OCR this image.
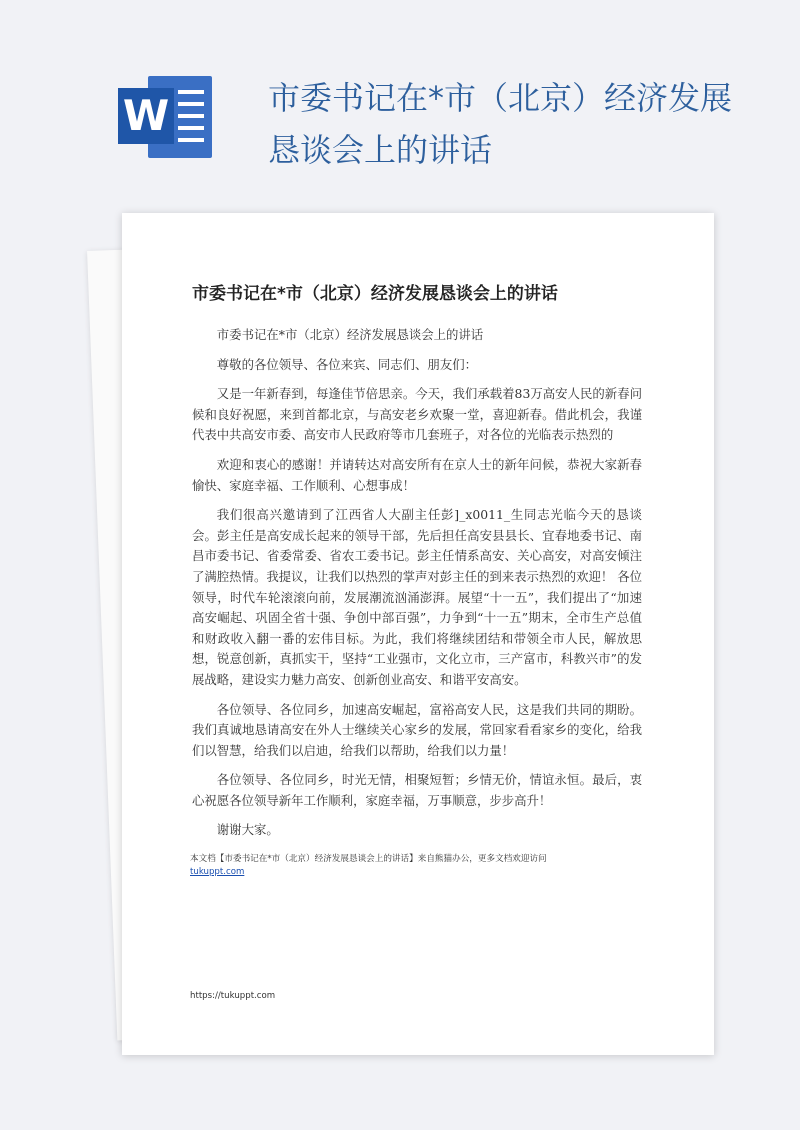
W	市委书记在*市（北京）经济发展恳谈会上的讲话
市委书记在*市（北京）经济发展恳谈会上的讲话

市委书记在*市（北京）经济发展恳谈会上的讲话

尊敬的各位领导、各位来宾、同志们、朋友们：

又是一年新春到，每逢佳节倍思亲。今天，我们承载着83万高安人民的新春问候和良好祝愿，来到首都北京，与高安老乡欢聚一堂，喜迎新春。借此机会，我谨代表中共高安市委、高安市人民政府等市几套班子，对各位的光临表示热烈的

欢迎和衷心的感谢！并请转达对高安所有在京人士的新年问候，恭祝大家新春愉快、家庭幸福、工作顺利、心想事成！

我们很高兴邀请到了江西省人大副主任彭]_x0011_生同志光临今天的恳谈会。彭主任是高安成长起来的领导干部，先后担任高安县县长、宜春地委书记、南昌市委书记、省委常委、省农工委书记。彭主任情系高安、关心高安，对高安倾注了满腔热情。我提议，让我们以热烈的掌声对彭主任的到来表示热烈的欢迎！ 各位领导，时代车轮滚滚向前，发展潮流汹涌澎湃。展望“十一五”，我们提出了“加速高安崛起、巩固全省十强、争创中部百强”，力争到“十一五”期末，全市生产总值和财政收入翻一番的宏伟目标。为此，我们将继续团结和带领全市人民，解放思想，锐意创新，真抓实干，坚持“工业强市，文化立市，三产富市，科教兴市”的发展战略，建设实力魅力高安、创新创业高安、和谐平安高安。

各位领导、各位同乡，加速高安崛起，富裕高安人民，这是我们共同的期盼。我们真诚地恳请高安在外人士继续关心家乡的发展，常回家看看家乡的变化，给我们以智慧，给我们以启迪，给我们以帮助，给我们以力量！

各位领导、各位同乡，时光无情，相聚短暂；乡情无价，情谊永恒。最后，衷心祝愿各位领导新年工作顺利，家庭幸福，万事顺意，步步高升！

谢谢大家。

本文档【市委书记在*市（北京）经济发展恳谈会上的讲话】来自熊猫办公，更多文档欢迎访问
tukuppt.com
https://tukuppt.com
